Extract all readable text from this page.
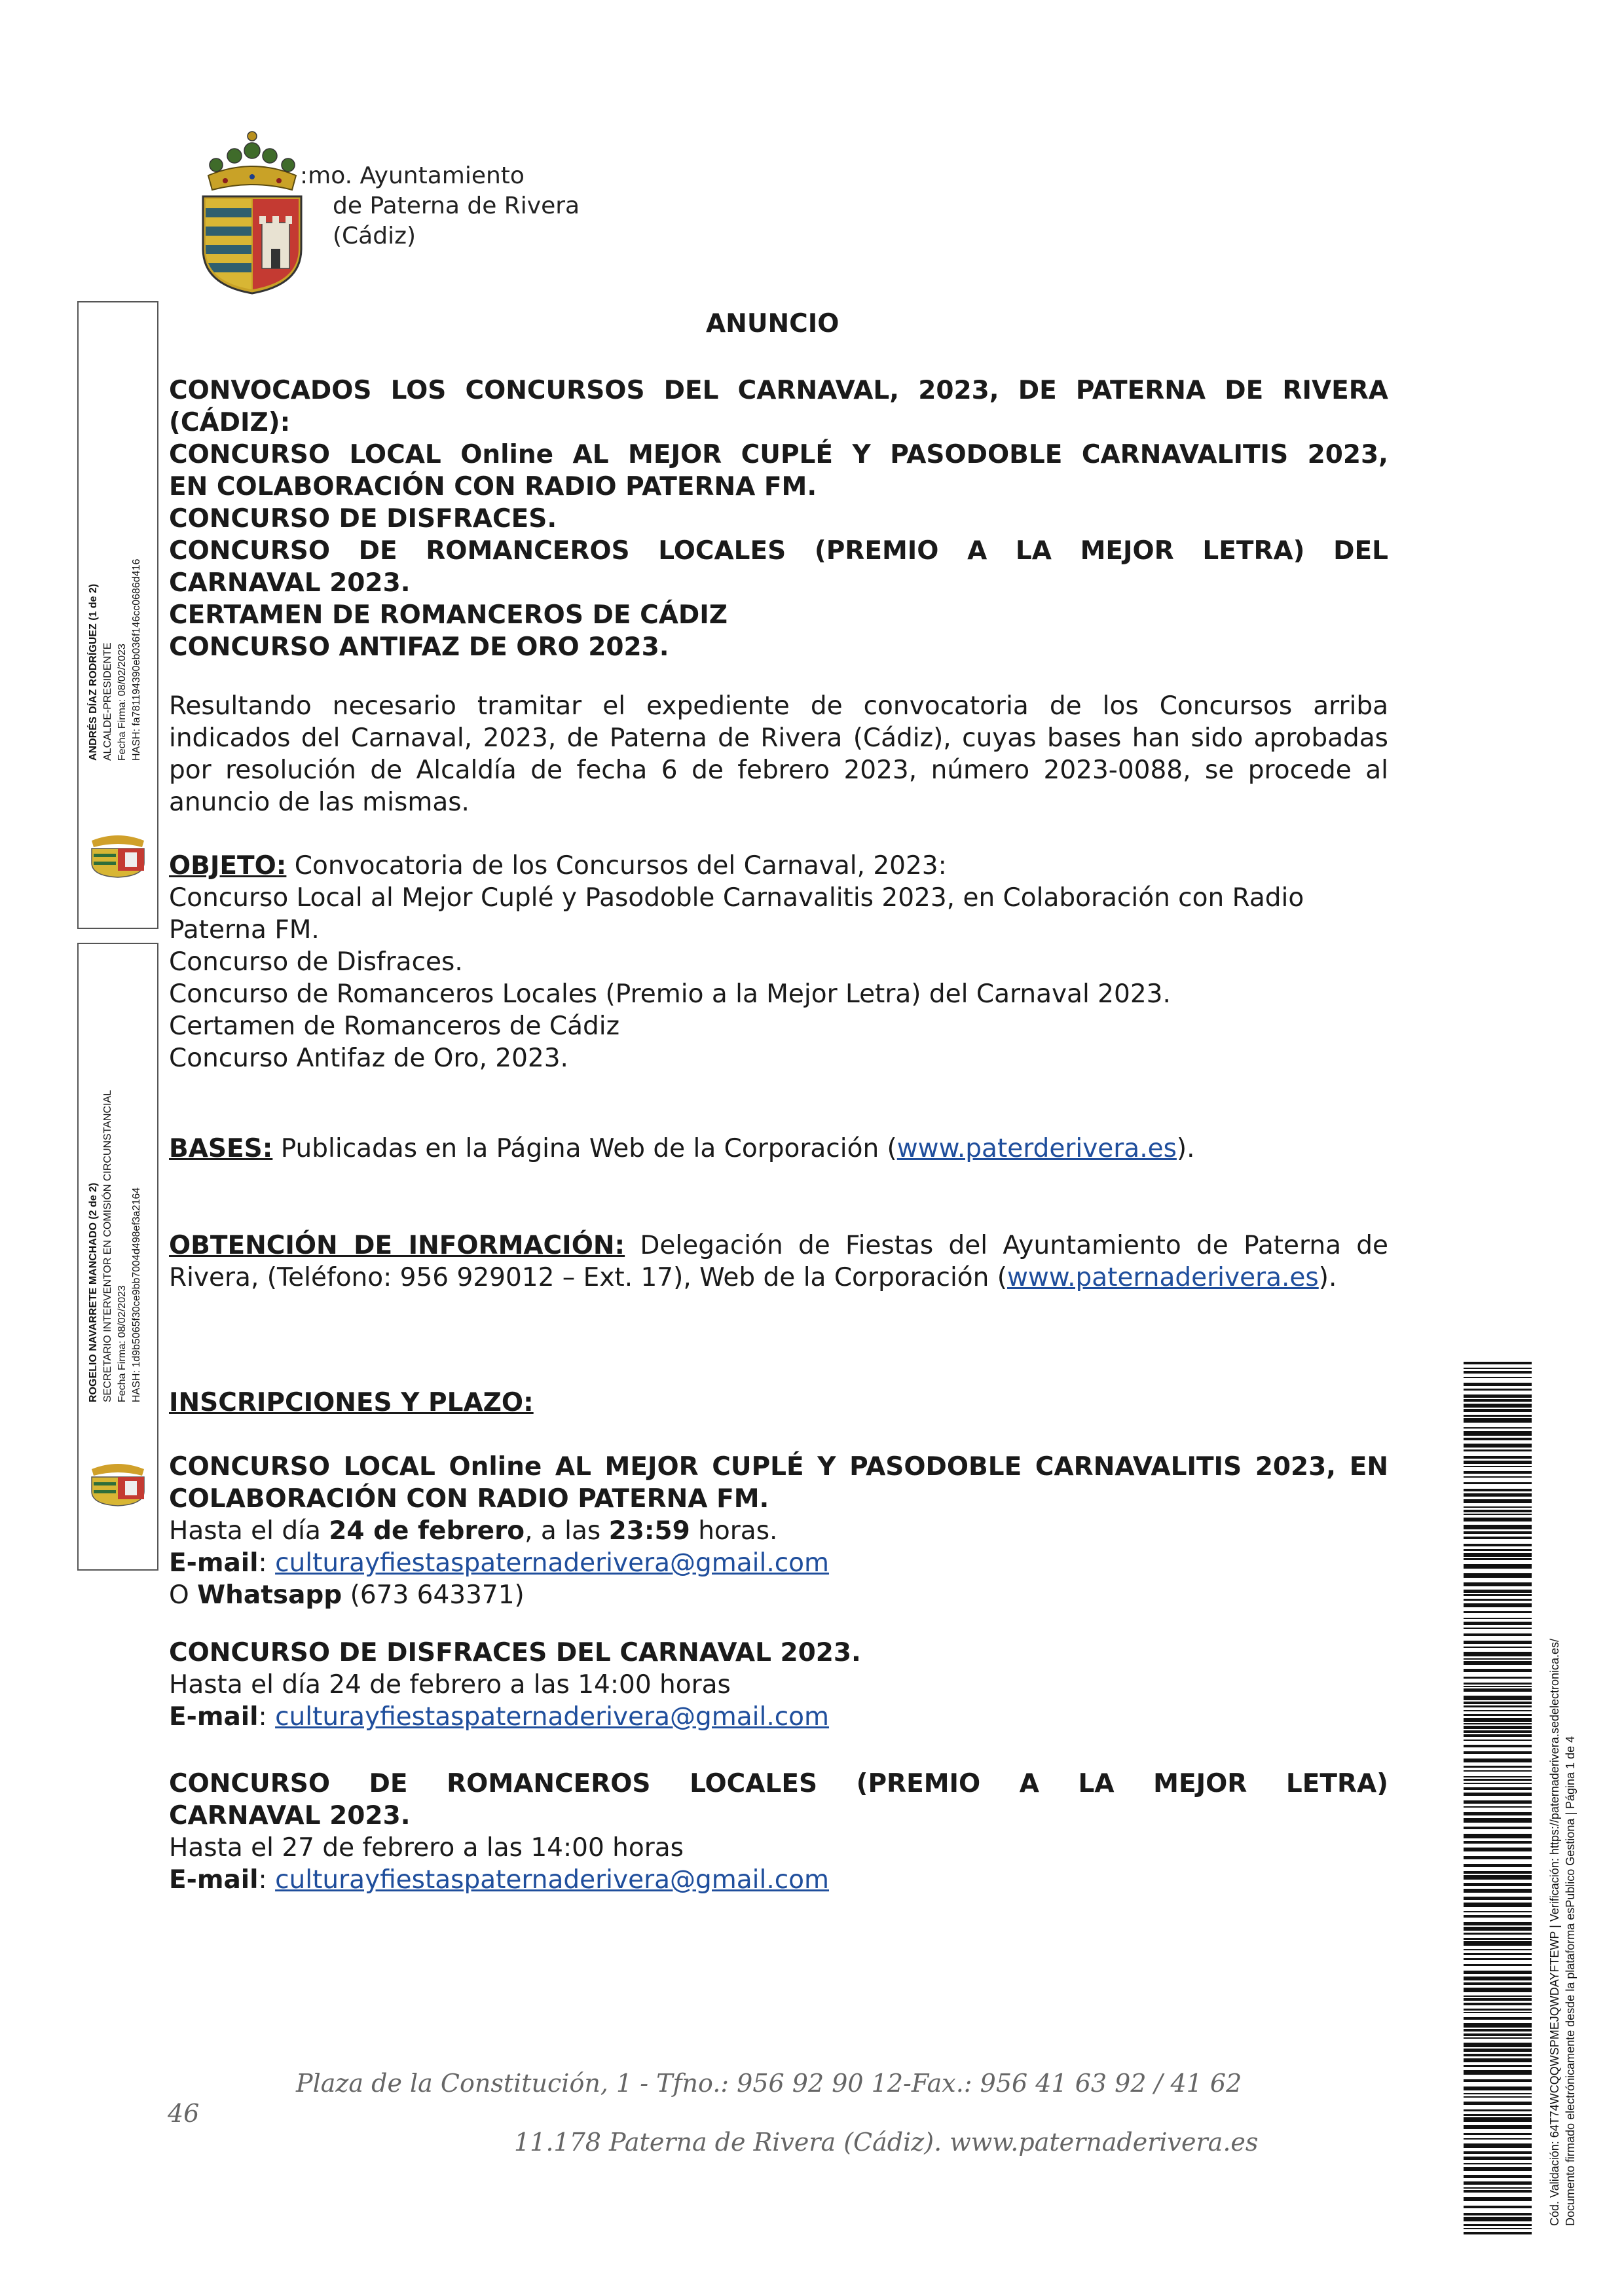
:mo. Ayuntamiento
de Paterna de Rivera
(Cádiz)
ANDRÉS DÍAZ RODRÍGUEZ (1 de 2) ALCALDE-PRESIDENTE Fecha Firma: 08/02/2023 HASH: fa781194390eb036f146cc0686d416
ROGELIO NAVARRETE MANCHADO (2 de 2) SECRETARIO INTERVENTOR EN COMISIÓN CIRCUNSTANCIAL Fecha Firma: 08/02/2023 HASH: 1d9b5065f30ce9bb7004d498ef3a2164
ANUNCIO
CONVOCADOS LOS CONCURSOS DEL CARNAVAL, 2023, DE PATERNA DE RIVERA
(CÁDIZ):
CONCURSO LOCAL Online AL MEJOR CUPLÉ Y PASODOBLE CARNAVALITIS 2023,
EN COLABORACIÓN CON RADIO PATERNA FM.
CONCURSO DE DISFRACES.
CONCURSO DE ROMANCEROS LOCALES (PREMIO A LA MEJOR LETRA) DEL
CARNAVAL 2023.
CERTAMEN DE ROMANCEROS DE CÁDIZ
CONCURSO ANTIFAZ DE ORO 2023.

Resultando necesario tramitar el expediente de convocatoria de los Concursos arriba indicados del Carnaval, 2023, de Paterna de Rivera (Cádiz), cuyas bases han sido aprobadas por resolución de Alcaldía de fecha 6 de febrero 2023, número 2023-0088, se procede al anuncio de las mismas.

OBJETO: Convocatoria de los Concursos del Carnaval, 2023:
Concurso Local al Mejor Cuplé y Pasodoble Carnavalitis 2023, en Colaboración con Radio Paterna FM.
Concurso de Disfraces.
Concurso de Romanceros Locales (Premio a la Mejor Letra) del Carnaval 2023.
Certamen de Romanceros de Cádiz
Concurso Antifaz de Oro, 2023.
BASES: Publicadas en la Página Web de la Corporación (www.paterderivera.es).

OBTENCIÓN DE INFORMACIÓN: Delegación de Fiestas del Ayuntamiento de Paterna de Rivera, (Teléfono: 956 929012 – Ext. 17), Web de la Corporación (www.paternaderivera.es).

INSCRIPCIONES Y PLAZO:

CONCURSO LOCAL Online AL MEJOR CUPLÉ Y PASODOBLE CARNAVALITIS 2023, EN COLABORACIÓN CON RADIO PATERNA FM.

Hasta el día 24 de febrero, a las 23:59 horas.
E-mail: culturayfiestaspaternaderivera@gmail.com
O Whatsapp (673 643371)
CONCURSO DE DISFRACES DEL CARNAVAL 2023.
Hasta el día 24 de febrero a las 14:00 horas
E-mail: culturayfiestaspaternaderivera@gmail.com
CONCURSO DE ROMANCEROS LOCALES (PREMIO A LA MEJOR LETRA)
CARNAVAL 2023.
Hasta el 27 de febrero a las 14:00 horas
E-mail: culturayfiestaspaternaderivera@gmail.com
Plaza de la Constitución, 1 - Tfno.: 956 92 90 12-Fax.: 956 41 63 92 / 41 62
46
11.178 Paterna de Rivera (Cádiz). www.paternaderivera.es	Cód. Validación: 64T74WCQQWSPMEJQWDAYFTEWP | Verificación: https://paternaderivera.sedelectronica.es/ Documento firmado electrónicamente desde la plataforma esPublico Gestiona | Página 1 de 4
